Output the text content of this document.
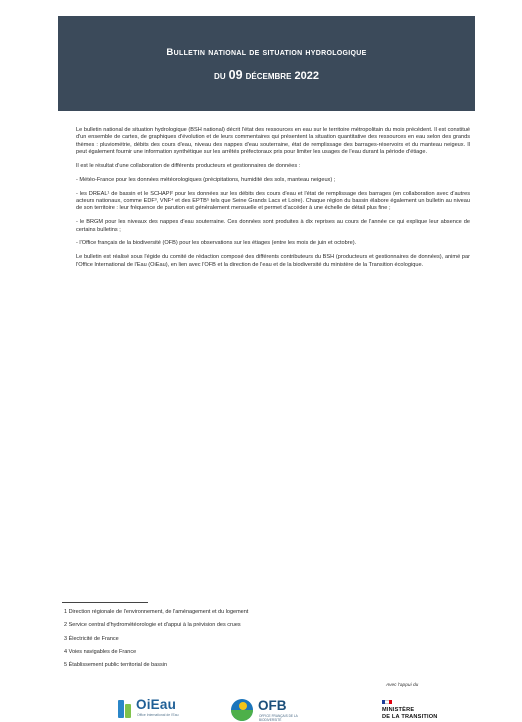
Bulletin national de situation hydrologique
du 09 décembre 2022

Le bulletin national de situation hydrologique (BSH national) décrit l'état des ressources en eau sur le territoire métropolitain du mois précédent. Il est constitué d'un ensemble de cartes, de graphiques d'évolution et de leurs commentaires qui présentent la situation quantitative des ressources en eau selon des grands thèmes : pluviométrie, débits des cours d'eau, niveau des nappes d'eau souterraine, état de remplissage des barrages-réservoirs et du manteau neigeux. Il peut également fournir une information synthétique sur les arrêtés préfectoraux pris pour limiter les usages de l'eau durant la période d'étiage.

Il est le résultat d'une collaboration de différents producteurs et gestionnaires de données :

- Météo-France pour les données météorologiques (précipitations, humidité des sols, manteau neigeux) ;

- les DREAL¹ de bassin et le SCHAPI² pour les données sur les débits des cours d'eau et l'état de remplissage des barrages (en collaboration avec d'autres acteurs nationaux, comme EDF³, VNF⁴ et des EPTB⁵ tels que Seine Grands Lacs et Loire). Chaque région du bassin élabore également un bulletin au niveau de son territoire : leur fréquence de parution est généralement mensuelle et permet d'accéder à une échelle de détail plus fine ;

- le BRGM pour les niveaux des nappes d'eau souterraine. Ces données sont produites à dix reprises au cours de l'année ce qui explique leur absence de certains bulletins ;

- l'Office français de la biodiversité (OFB) pour les observations sur les étiages (entre les mois de juin et octobre).

Le bulletin est réalisé sous l'égide du comité de rédaction composé des différents contributeurs du BSH (producteurs et gestionnaires de données), animé par l'Office International de l'Eau (OiEau), en lien avec l'OFB et la direction de l'eau et de la biodiversité du ministère de la Transition écologique.

1 Direction régionale de l'environnement, de l'aménagement et du logement
2 Service central d'hydrométéorologie et d'appui à la prévision des crues
3 Électricité de France
4 Voies navigables de France
5 Établissement public territorial de bassin
Avec l'appui du
OiEau
Office International de l'Eau
OFB
OFFICE FRANÇAIS DE LA BIODIVERSITÉ
MINISTÈRE
DE LA TRANSITION
